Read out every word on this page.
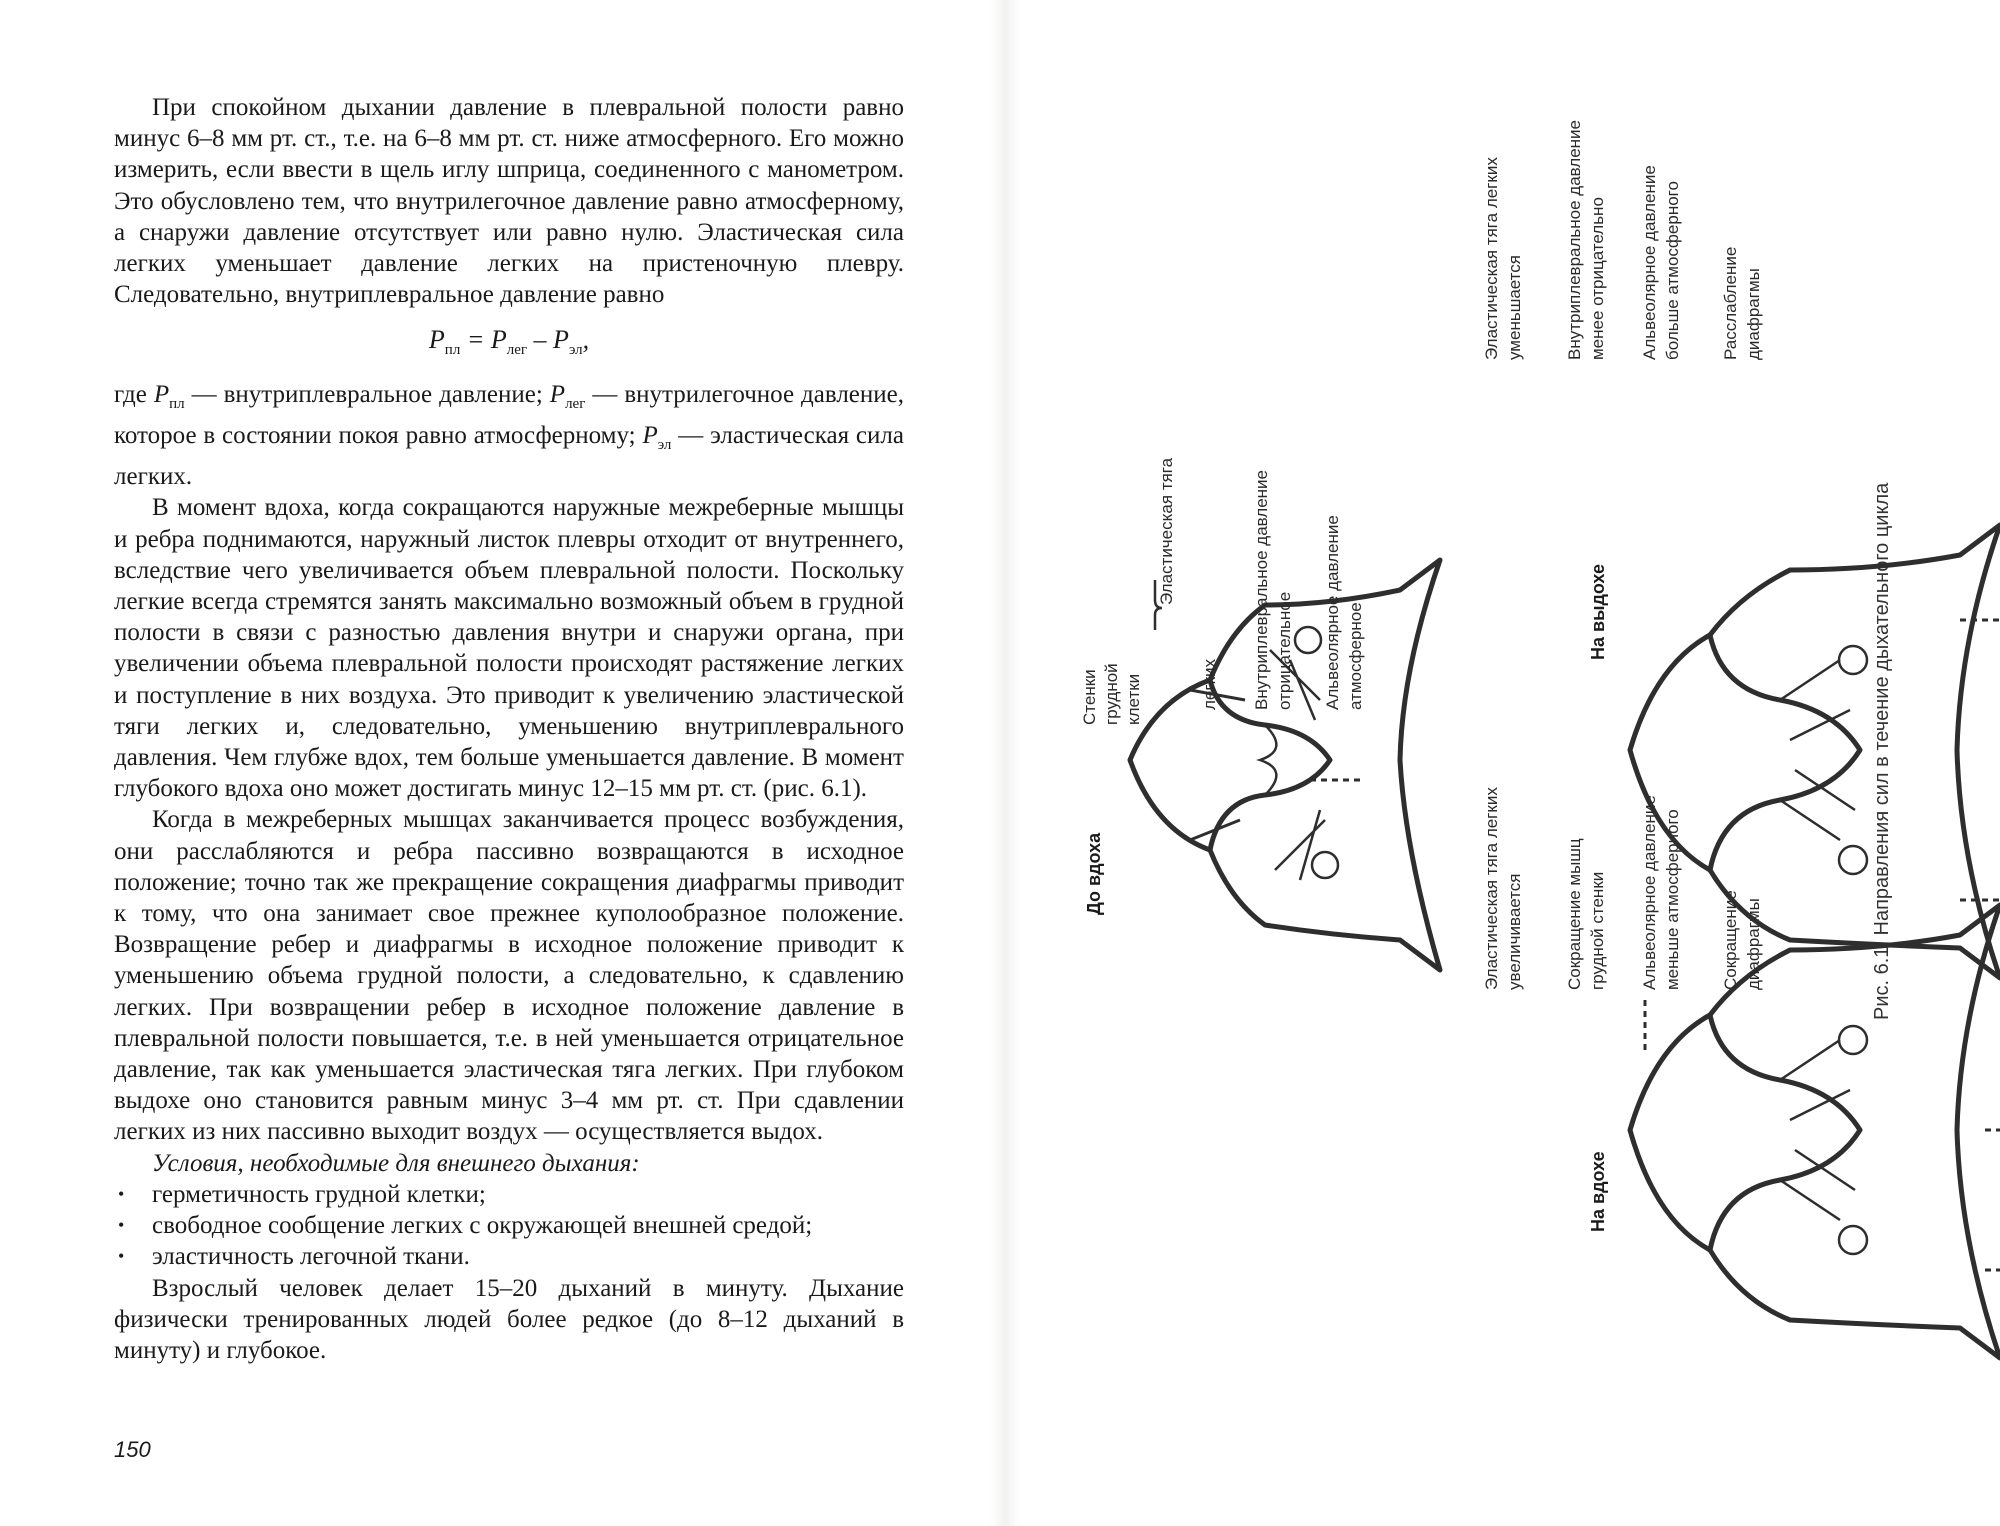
При спокойном дыхании давление в плевральной полости равно минус 6–8 мм рт. ст., т.е. на 6–8 мм рт. ст. ниже атмосферного. Его можно измерить, если ввести в щель иглу шприца, соединенного с манометром. Это обусловлено тем, что внутрилегочное давление равно атмосферному, а снаружи давление отсутствует или равно нулю. Эластическая сила легких уменьшает давление легких на пристеночную плевру. Следовательно, внутриплевральное давление равно

$P_{пл} = P_{лег} - P_{эл}$,

где $P_{пл}$ — внутриплевральное давление; $P_{лег}$ — внутрилегочное давление, которое в состоянии покоя равно атмосферному; $P_{эл}$ — эластическая сила легких.

В момент вдоха, когда сокращаются наружные межреберные мышцы и ребра поднимаются, наружный листок плевры отходит от внутреннего, вследствие чего увеличивается объем плевральной полости. Поскольку легкие всегда стремятся занять максимально возможный объем в грудной полости в связи с разностью давления внутри и снаружи органа, при увеличении объема плевральной полости происходят растяжение легких и поступление в них воздуха. Это приводит к увеличению эластической тяги легких и, следовательно, уменьшению внутриплеврального давления. Чем глубже вдох, тем больше уменьшается давление. В момент глубокого вдоха оно может достигать минус 12–15 мм рт. ст. (рис. 6.1).

Когда в межреберных мышцах заканчивается процесс возбуждения, они расслабляются и ребра пассивно возвращаются в исходное положение; точно так же прекращение сокращения диафрагмы приводит к тому, что она занимает свое прежнее куполообразное положение. Возвращение ребер и диафрагмы в исходное положение приводит к уменьшению объема грудной полости, а следовательно, к сдавлению легких. При возвращении ребер в исходное положение давление в плевральной полости повышается, т.е. в ней уменьшается отрицательное давление, так как уменьшается эластическая тяга легких. При глубоком выдохе оно становится равным минус 3–4 мм рт. ст. При сдавлении легких из них пассивно выходит воздух — осуществляется выдох.

Условия, необходимые для внешнего дыхания:

• герметичность грудной клетки;
• свободное сообщение легких с окружающей внешней средой;
• эластичность легочной ткани.

Взрослый человек делает 15–20 дыханий в минуту. Дыхание физически тренированных людей более редкое (до 8–12 дыханий в минуту) и глубокое.

150
Рис. 6.1. Направления сил в течение дыхательного цикла
До вдоха
На вдохе
Эластическая тяга легких увеличивается Сокращение мышц грудной стенки Альвеолярное давление меньше атмосферного Сокращение диафрагмы
На выдохе
Эластическая тяга легких уменьшается Внутриплевральное давление менее отрицательно Альвеолярное давление больше атмосферного Расслабление диафрагмы
Эластическая тяга
легких Внутриплевральное давление отрицательное Альвеолярное давление атмосферное
Стенки грудной клетки
